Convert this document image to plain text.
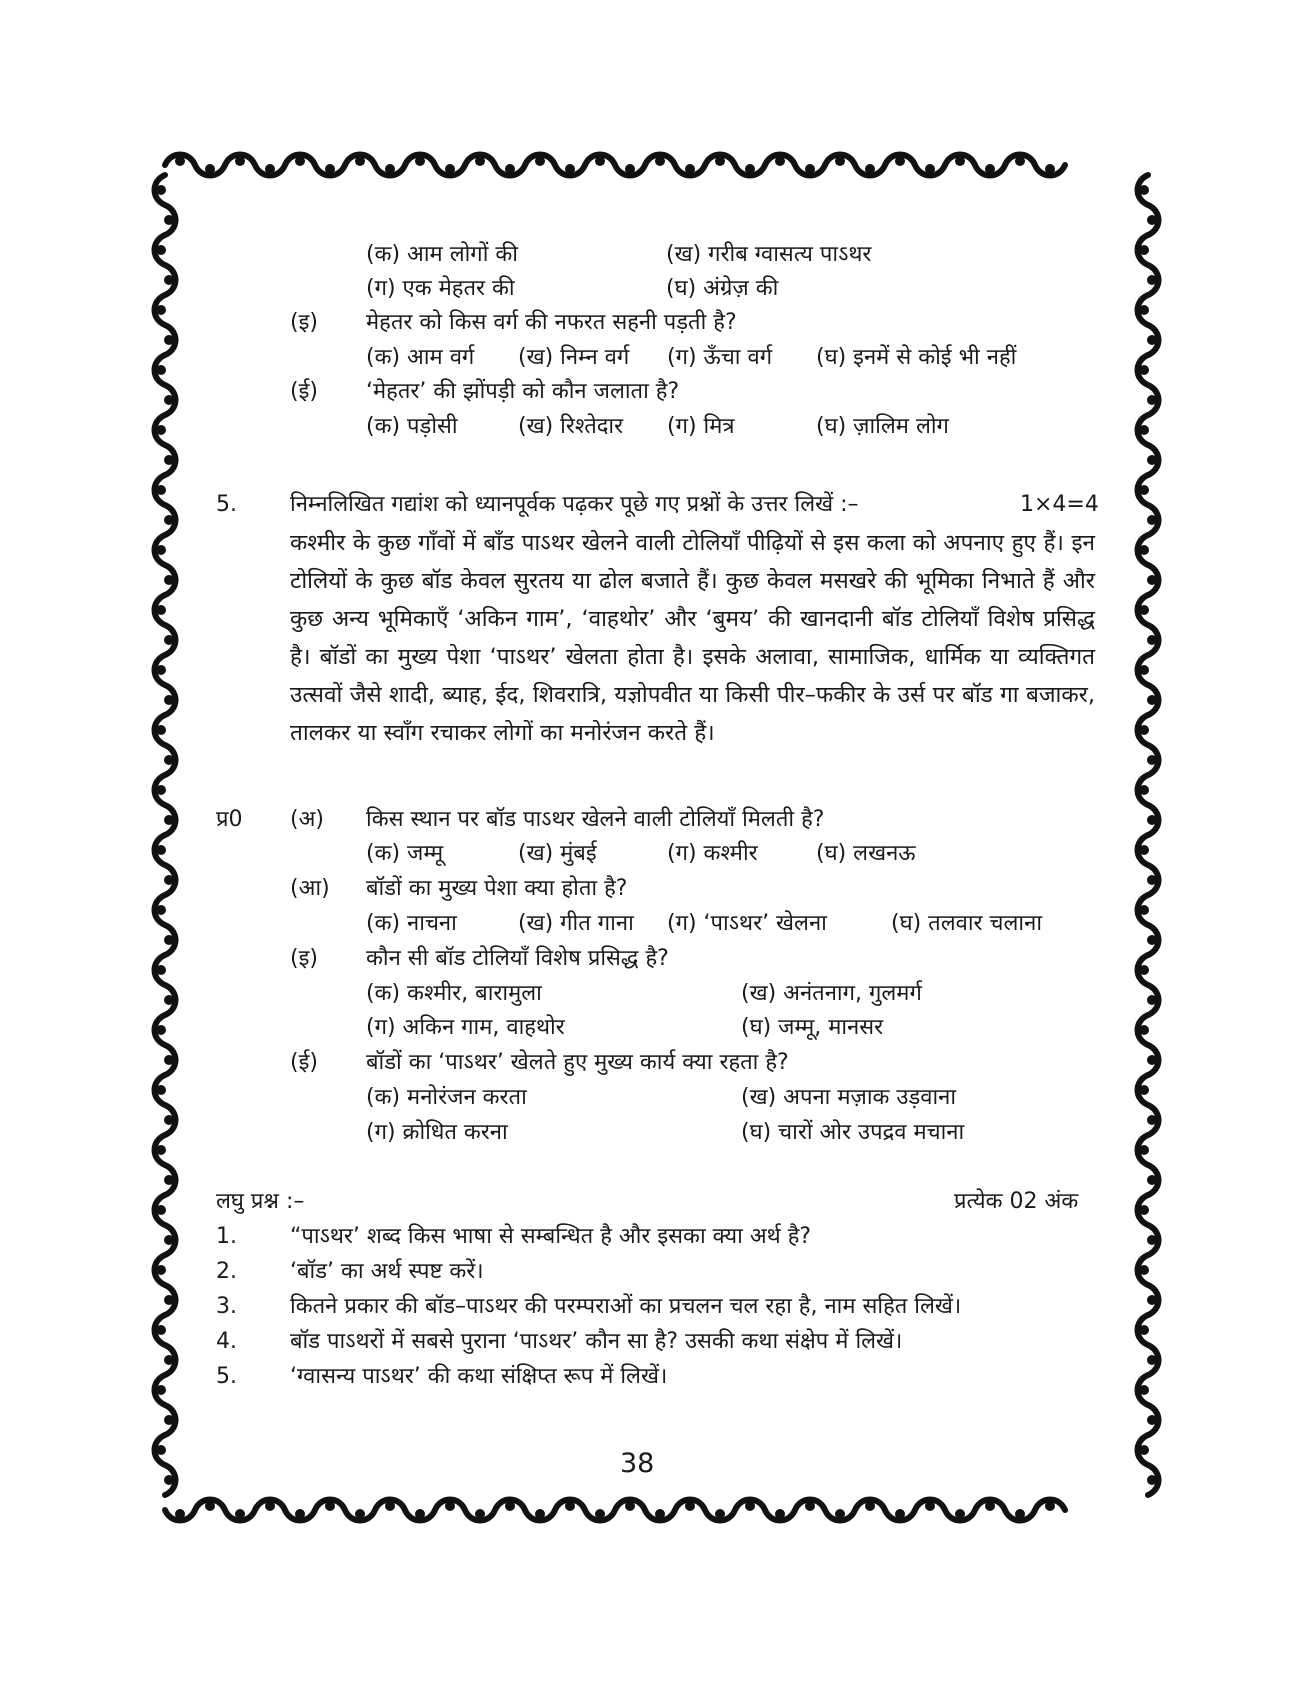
(क) आम लोगों की	(ख) गरीब ग्वासत्य पाऽथर
(ग) एक मेहतर की	(घ) अंग्रेज़ की
(इ) मेहतर को किस वर्ग की नफरत सहनी पड़ती है?
(क) आम वर्ग (ख) निम्न वर्ग (ग) ऊँचा वर्ग (घ) इनमें से कोई भी नहीं
(ई) ‘मेहतर’ की झोंपड़ी को कौन जलाता है?
(क) पड़ोसी	(ख) रिश्तेदार (ग) मित्र	(घ) ज़ालिम लोग
5. निम्नलिखित गद्यांश को ध्यानपूर्वक पढ़कर पूछे गए प्रश्नों के उत्तर लिखें :–	1×4=4
कश्मीर के कुछ गाँवों में बाँड पाऽथर खेलने वाली टोलियाँ पीढ़ियों से इस कला को अपनाए हुए हैं। इन टोलियों के कुछ बॉड केवल सुरतय या ढोल बजाते हैं। कुछ केवल मसखरे की भूमिका निभाते हैं और कुछ अन्य भूमिकाएँ ‘अकिन गाम’, ‘वाहथोर’ और ‘बुमय’ की खानदानी बॉड टोलियाँ विशेष प्रसिद्ध है। बॉडों का मुख्य पेशा ‘पाऽथर’ खेलता होता है। इसके अलावा, सामाजिक, धार्मिक या व्यक्तिगत उत्सवों जैसे शादी, ब्याह, ईद, शिवरात्रि, यज्ञोपवीत या किसी पीर–फकीर के उर्स पर बॉड गा बजाकर, तालकर या स्वाँग रचाकर लोगों का मनोरंजन करते हैं।
प्र0 (अ) किस स्थान पर बॉड पाऽथर खेलने वाली टोलियाँ मिलती है?
(क) जम्मू	(ख) मुंबई	(ग) कश्मीर	(घ) लखनऊ
(आ) बॉडों का मुख्य पेशा क्या होता है?
(क) नाचना	(ख) गीत गाना (ग) ‘पाऽथर’ खेलना	(घ) तलवार चलाना
(इ) कौन सी बॉड टोलियाँ विशेष प्रसिद्ध है?
(क) कश्मीर, बारामुला	(ख) अनंतनाग, गुलमर्ग
(ग) अकिन गाम, वाहथोर	(घ) जम्मू, मानसर
(ई) बॉडों का ‘पाऽथर’ खेलते हुए मुख्य कार्य क्या रहता है?
(क) मनोरंजन करता	(ख) अपना मज़ाक उड़वाना
(ग) क्रोधित करना	(घ) चारों ओर उपद्रव मचाना
लघु प्रश्न :–	प्रत्येक 02 अंक
1. “पाऽथर’ शब्द किस भाषा से सम्बन्धित है और इसका क्या अर्थ है?
2. ‘बॉड’ का अर्थ स्पष्ट करें।
3. कितने प्रकार की बॉड–पाऽथर की परम्पराओं का प्रचलन चल रहा है, नाम सहित लिखें।
4. बॉड पाऽथरों में सबसे पुराना ‘पाऽथर’ कौन सा है? उसकी कथा संक्षेप में लिखें।
5. ‘ग्वासन्य पाऽथर’ की कथा संक्षिप्त रूप में लिखें।
38
